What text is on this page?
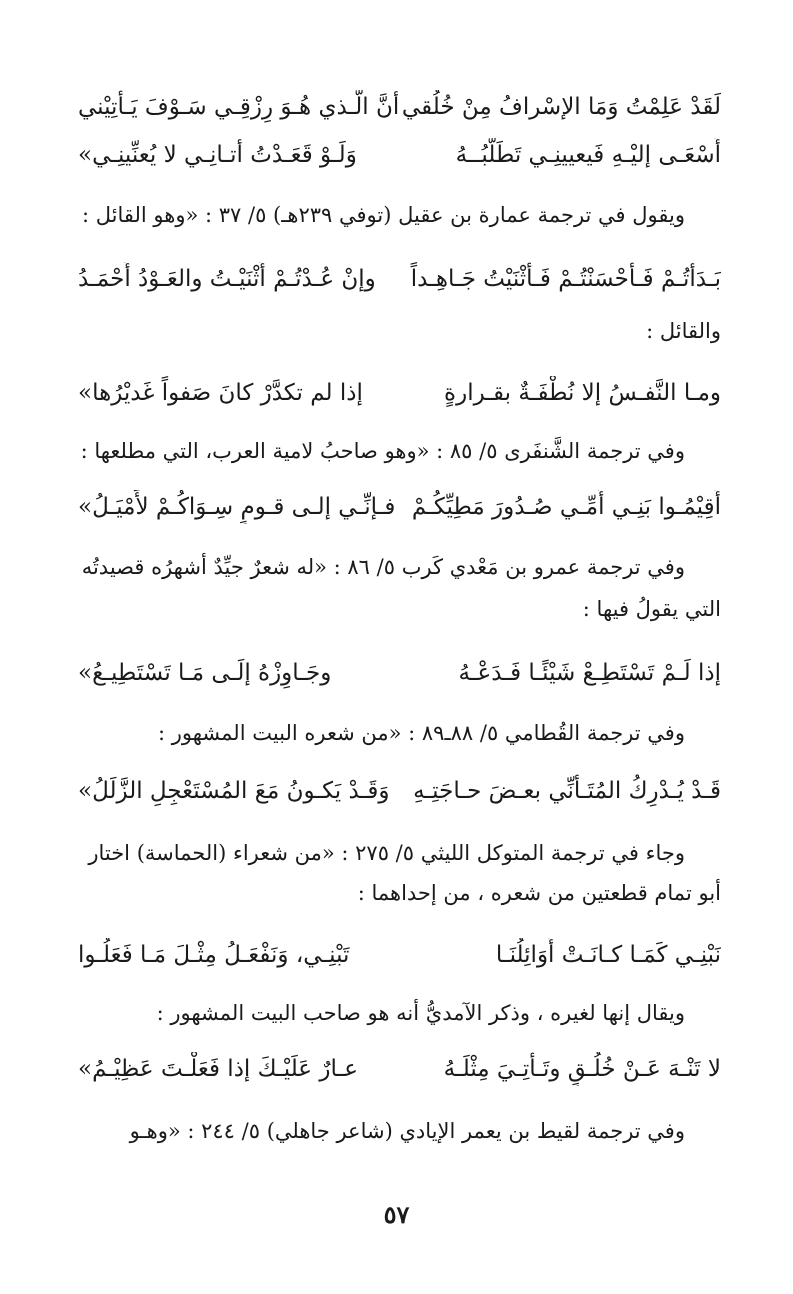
لَقَدْ عَلِمْتُ وَمَا الإسْرافُ مِنْ خُلُقي
أنَّ الَّـذي هُـوَ رِزْقِـي سَـوْفَ يَـأْتِيْني
أَسْعَـى إليْـهِ فَيعيينِـي تَطَلُّبُــهُ
وَلَـوْ قَعَـدْتُ أتـانِـي لا يُعنِّينِـي»
ويقول في ترجمة عمارة بن عقيل (توفي ٢٣٩هـ) ٥/ ٣٧ : «وهو القائل :
بَـدَأْتُـمْ فَـأَحْسَنْتُـمْ فَـأَثْنَيْتُ جَـاهِـداً
وإنْ عُـدْتُـمْ أَثْنَيْـتُ والعَـوْدُ أَحْمَـدُ
والقائل :
ومـا النَّفـسُ إلا نُطْفَـةٌ بقـرارةٍ
إذا لم تكدَّرْ كانَ صَفواً غَديْرُها»
وفي ترجمة الشَّنفَرى ٥/ ٨٥ : «وهو صاحبُ لامية العرب، التي مطلعها :
أَقِيْمُـوا بَنِـي أُمِّـي صُـدُورَ مَطِيِّكُـمْ
فـإنِّـي إلـى قـومٍ سِـوَاكُـمْ لأَمْيَـلُ»
وفي ترجمة عمرو بن مَعْدي كَرب ٥/ ٨٦ : «له شعرٌ جيِّدٌ أشهرُه قصيدتُه
التي يقولُ فيها :
إذا لَـمْ تَسْتَطِـعْ شَيْئًـا فَـدَعْـهُ
وجَـاوِزْهُ إلَـى مَـا تَسْتَطِيـعُ»
وفي ترجمة القُطامي ٥/ ٨٨ـ٨٩ : «من شعره البيت المشهور :
قَـدْ يُـدْرِكُ المُتَـأَنِّي بعـضَ حـاجَتِـهِ
وَقَـدْ يَكـونُ مَعَ المُسْتَعْجِلِ الزَّلَلُ»
وجاء في ترجمة المتوكل الليثي ٥/ ٢٧٥ : «من شعراء (الحماسة) اختار
أبو تمام قطعتين من شعره ، من إحداهما :
نَبْنِـي كَمَـا كـانَـتْ أَوَائِلُنَـا
تَبْنِـي، وَنَفْعَـلُ مِثْـلَ مَـا فَعَلُـوا
ويقال إنها لغيره ، وذكر الآمديُّ أنه هو صاحب البيت المشهور :
لا تَنْـهَ عَـنْ خُلُـقٍ وتَـأْتِـيَ مِثْلَـهُ
عـارٌ عَلَيْـكَ إذا فَعَلْـتَ عَظِيْـمُ»
وفي ترجمة لقيط بن يعمر الإيادي (شاعر جاهلي) ٥/ ٢٤٤ : «وهـو
٥٧
